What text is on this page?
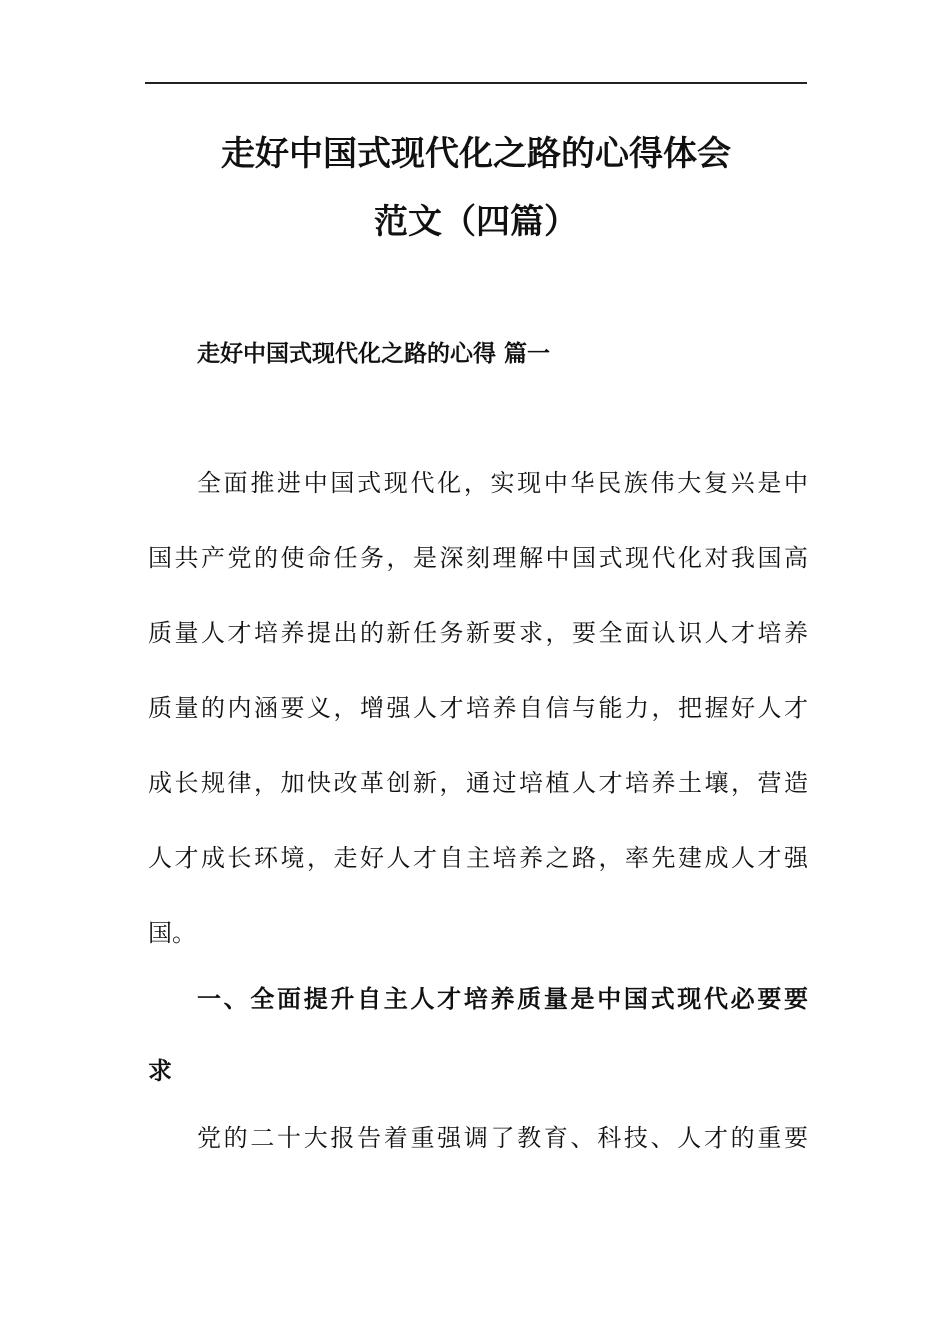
走好中国式现代化之路的心得体会
范文（四篇）
走好中国式现代化之路的心得 篇一

全面推进中国式现代化，实现中华民族伟大复兴是中

国共产党的使命任务，是深刻理解中国式现代化对我国高

质量人才培养提出的新任务新要求，要全面认识人才培养

质量的内涵要义，增强人才培养自信与能力，把握好人才

成长规律，加快改革创新，通过培植人才培养土壤，营造

人才成长环境，走好人才自主培养之路，率先建成人才强

国。

一、全面提升自主人才培养质量是中国式现代必要要

求

党的二十大报告着重强调了教育、科技、人才的重要
